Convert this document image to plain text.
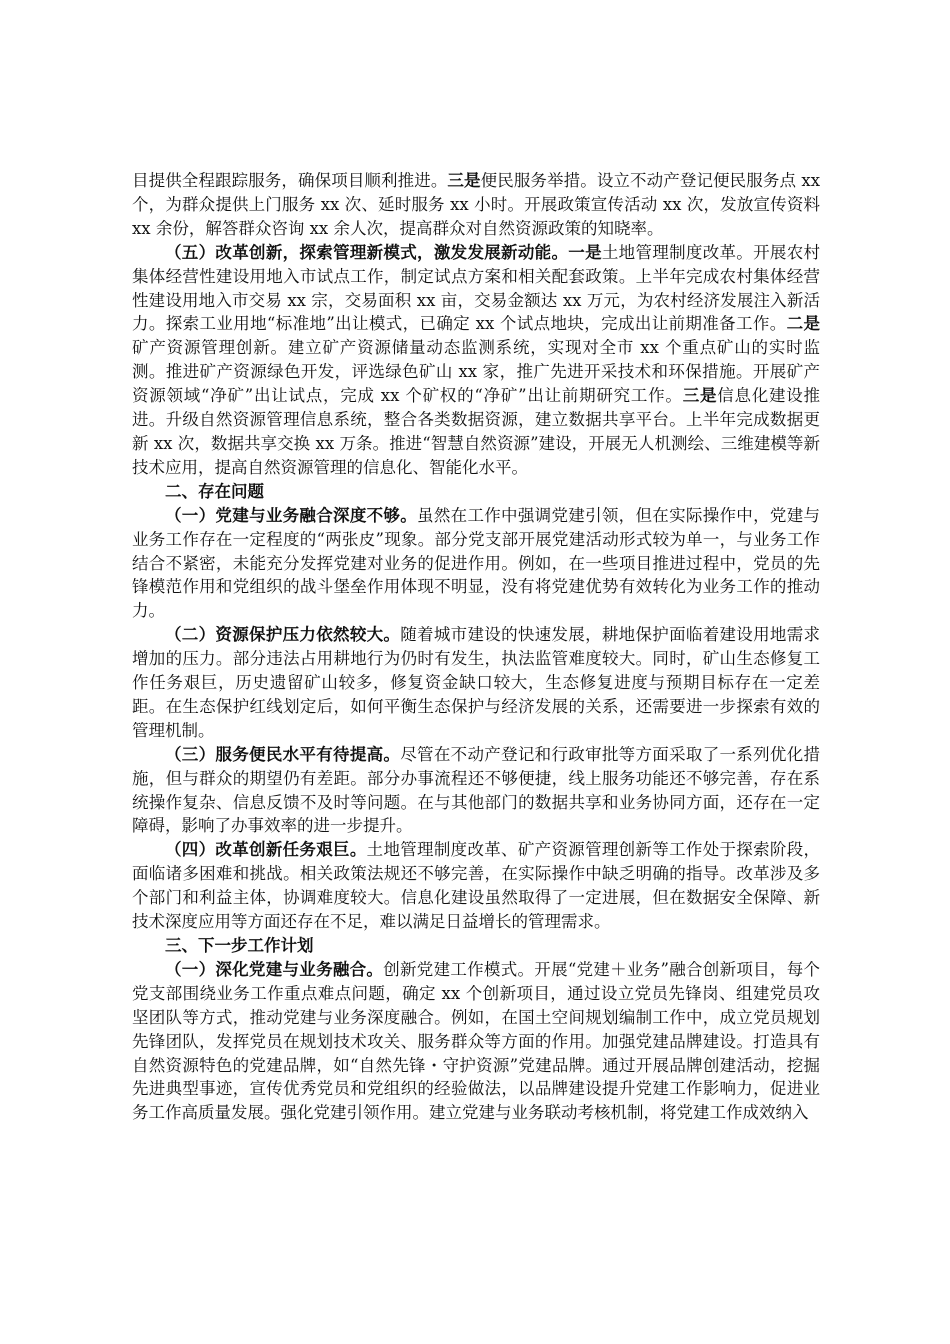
目提供全程跟踪服务，确保项目顺利推进。三是便民服务举措。设立不动产登记便民服务点 xx 个，为群众提供上门服务 xx 次、延时服务 xx 小时。开展政策宣传活动 xx 次，发放宣传资料 xx 余份，解答群众咨询 xx 余人次，提高群众对自然资源政策的知晓率。

（五）改革创新，探索管理新模式，激发发展新动能。一是土地管理制度改革。开展农村集体经营性建设用地入市试点工作，制定试点方案和相关配套政策。上半年完成农村集体经营性建设用地入市交易 xx 宗，交易面积 xx 亩，交易金额达 xx 万元，为农村经济发展注入新活力。探索工业用地“标准地”出让模式，已确定 xx 个试点地块，完成出让前期准备工作。二是矿产资源管理创新。建立矿产资源储量动态监测系统，实现对全市 xx 个重点矿山的实时监测。推进矿产资源绿色开发，评选绿色矿山 xx 家，推广先进开采技术和环保措施。开展矿产资源领域“净矿”出让试点，完成 xx 个矿权的“净矿”出让前期研究工作。三是信息化建设推进。升级自然资源管理信息系统，整合各类数据资源，建立数据共享平台。上半年完成数据更新 xx 次，数据共享交换 xx 万条。推进“智慧自然资源”建设，开展无人机测绘、三维建模等新技术应用，提高自然资源管理的信息化、智能化水平。

二、存在问题

（一）党建与业务融合深度不够。虽然在工作中强调党建引领，但在实际操作中，党建与业务工作存在一定程度的“两张皮”现象。部分党支部开展党建活动形式较为单一，与业务工作结合不紧密，未能充分发挥党建对业务的促进作用。例如，在一些项目推进过程中，党员的先锋模范作用和党组织的战斗堡垒作用体现不明显，没有将党建优势有效转化为业务工作的推动力。

（二）资源保护压力依然较大。随着城市建设的快速发展，耕地保护面临着建设用地需求增加的压力。部分违法占用耕地行为仍时有发生，执法监管难度较大。同时，矿山生态修复工作任务艰巨，历史遗留矿山较多，修复资金缺口较大，生态修复进度与预期目标存在一定差距。在生态保护红线划定后，如何平衡生态保护与经济发展的关系，还需要进一步探索有效的管理机制。

（三）服务便民水平有待提高。尽管在不动产登记和行政审批等方面采取了一系列优化措施，但与群众的期望仍有差距。部分办事流程还不够便捷，线上服务功能还不够完善，存在系统操作复杂、信息反馈不及时等问题。在与其他部门的数据共享和业务协同方面，还存在一定障碍，影响了办事效率的进一步提升。

（四）改革创新任务艰巨。土地管理制度改革、矿产资源管理创新等工作处于探索阶段，面临诸多困难和挑战。相关政策法规还不够完善，在实际操作中缺乏明确的指导。改革涉及多个部门和利益主体，协调难度较大。信息化建设虽然取得了一定进展，但在数据安全保障、新技术深度应用等方面还存在不足，难以满足日益增长的管理需求。

三、下一步工作计划

（一）深化党建与业务融合。创新党建工作模式。开展“党建＋业务”融合创新项目，每个党支部围绕业务工作重点难点问题，确定 xx 个创新项目，通过设立党员先锋岗、组建党员攻坚团队等方式，推动党建与业务深度融合。例如，在国土空间规划编制工作中，成立党员规划先锋团队，发挥党员在规划技术攻关、服务群众等方面的作用。加强党建品牌建设。打造具有自然资源特色的党建品牌，如“自然先锋・守护资源”党建品牌。通过开展品牌创建活动，挖掘先进典型事迹，宣传优秀党员和党组织的经验做法，以品牌建设提升党建工作影响力，促进业务工作高质量发展。强化党建引领作用。建立党建与业务联动考核机制，将党建工作成效纳入
